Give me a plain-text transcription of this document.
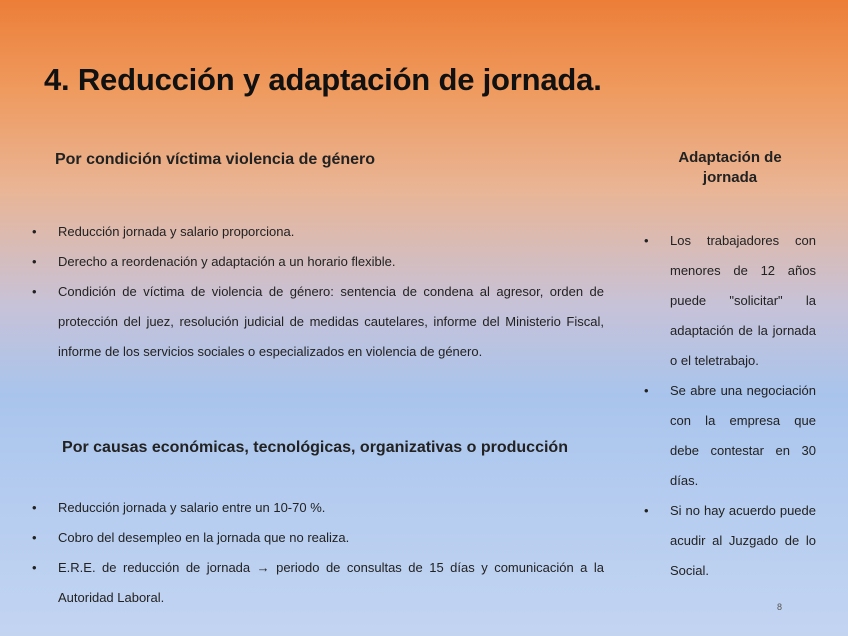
4. Reducción y adaptación de jornada.
Por condición víctima violencia de género
• Reducción jornada y salario proporciona.
• Derecho a reordenación y adaptación a un horario flexible.
• Condición de víctima de violencia de género: sentencia de condena al agresor, orden de protección del juez, resolución judicial de medidas cautelares, informe del Ministerio Fiscal, informe de los servicios sociales o especializados en violencia de género.
Por causas económicas, tecnológicas, organizativas o producción
• Reducción jornada y salario entre un 10-70 %.
• Cobro del desempleo en la jornada que no realiza.
• E.R.E. de reducción de jornada → periodo de consultas de 15 días y comunicación a la Autoridad Laboral.
Adaptación de jornada
• Los trabajadores con menores de 12 años puede "solicitar" la adaptación de la jornada o el teletrabajo.
• Se abre una negociación con la empresa que debe contestar en 30 días.
• Si no hay acuerdo puede acudir al Juzgado de lo Social.
8
